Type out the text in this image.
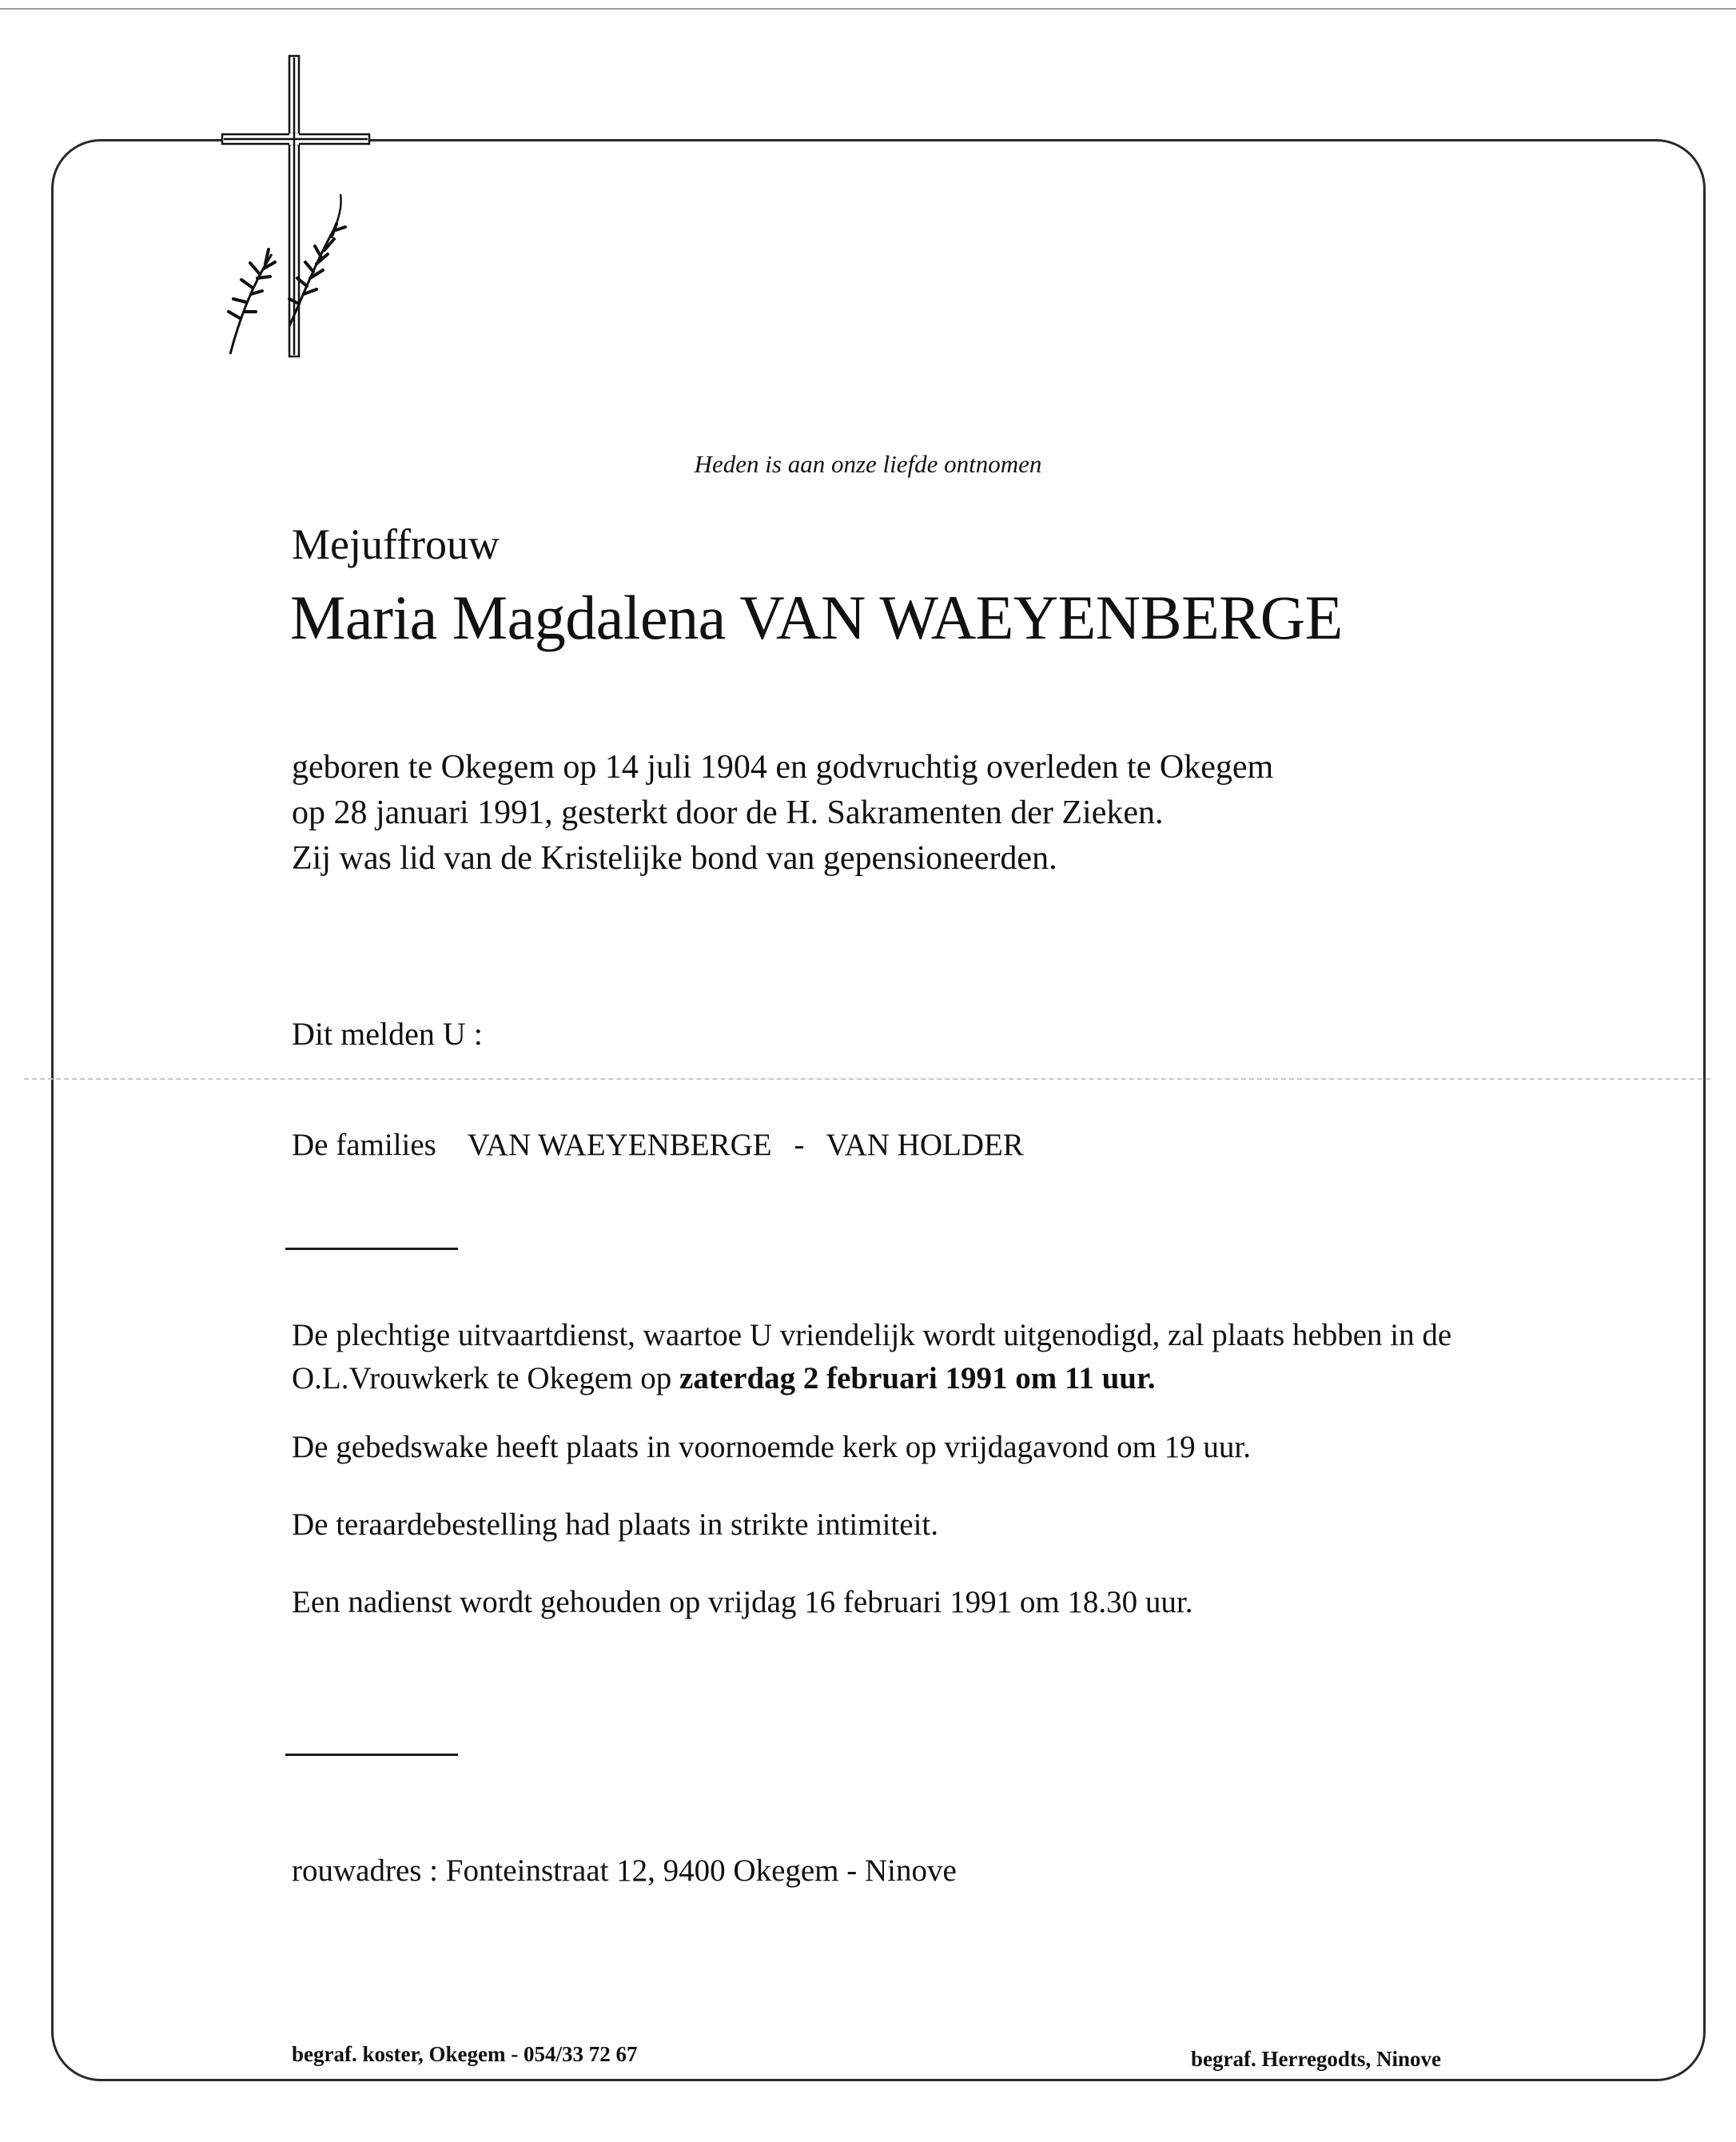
Heden is aan onze liefde ontnomen
Mejuffrouw
Maria Magdalena VAN WAEYENBERGE
geboren te Okegem op 14 juli 1904 en godvruchtig overleden te Okegem
op 28 januari 1991, gesterkt door de H. Sakramenten der Zieken.
Zij was lid van de Kristelijke bond van gepensioneerden.
Dit melden U :
De families VAN WAEYENBERGE - VAN HOLDER
De plechtige uitvaartdienst, waartoe U vriendelijk wordt uitgenodigd, zal plaats hebben in de
O.L.Vrouwkerk te Okegem op zaterdag 2 februari 1991 om 11 uur.
De gebedswake heeft plaats in voornoemde kerk op vrijdagavond om 19 uur.
De teraardebestelling had plaats in strikte intimiteit.
Een nadienst wordt gehouden op vrijdag 16 februari 1991 om 18.30 uur.
rouwadres : Fonteinstraat 12, 9400 Okegem - Ninove
begraf. koster, Okegem - 054/33 72 67	begraf. Herregodts, Ninove
